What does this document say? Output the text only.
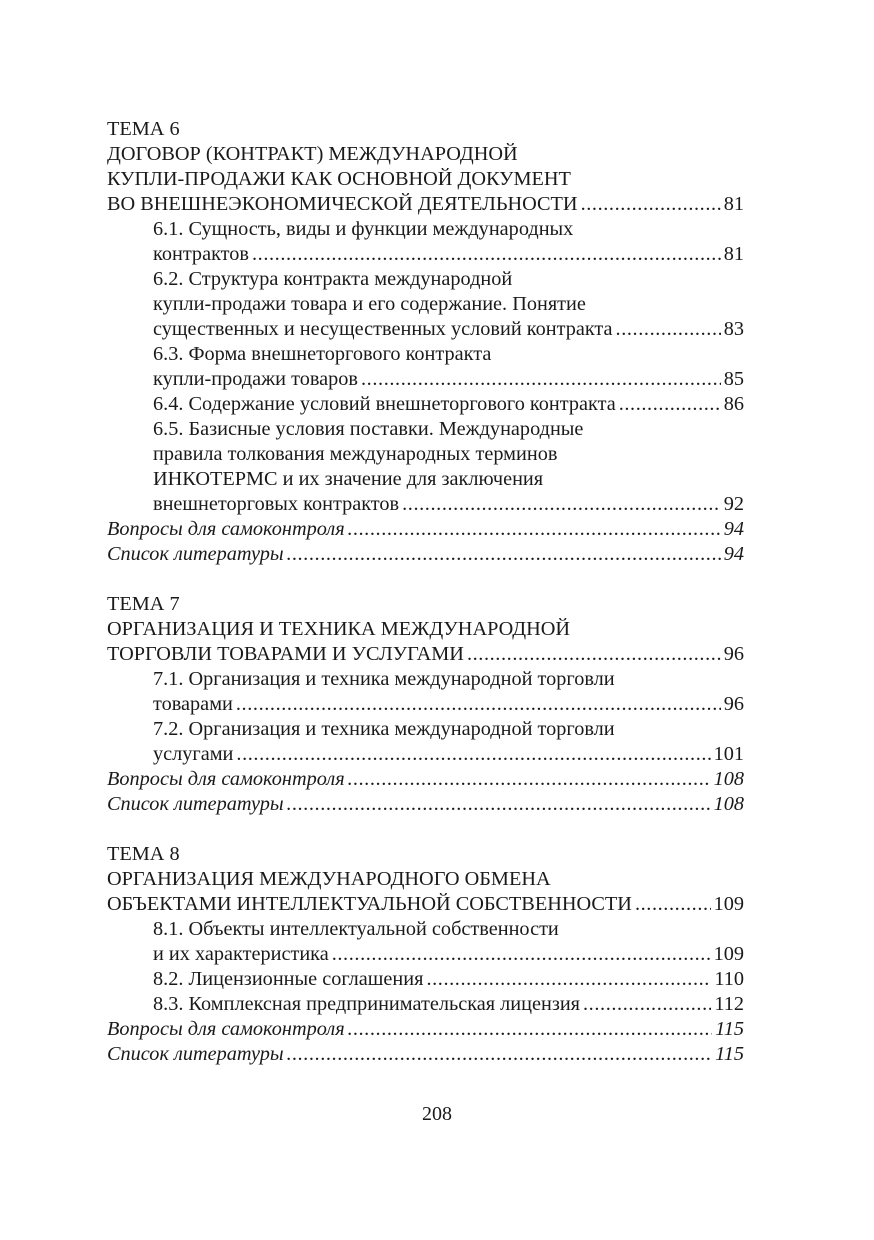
ТЕМА 6
ДОГОВОР (КОНТРАКТ) МЕЖДУНАРОДНОЙ
КУПЛИ-ПРОДАЖИ КАК ОСНОВНОЙ ДОКУМЕНТ
ВО ВНЕШНЕЭКОНОМИЧЕСКОЙ ДЕЯТЕЛЬНОСТИ .....	81
6.1. Сущность, виды и функции международных
контрактов .....	81
6.2. Структура контракта международной
купли-продажи товара и его содержание. Понятие
существенных и несущественных условий контракта .....	83
6.3. Форма внешнеторгового контракта
купли-продажи товаров .....	85
6.4. Содержание условий внешнеторгового контракта .....	86
6.5. Базисные условия поставки. Международные
правила толкования международных терминов
ИНКОТЕРМС и их значение для заключения
внешнеторговых контрактов .....	92
Вопросы для самоконтроля .....	94
Список литературы .....	94
ТЕМА 7
ОРГАНИЗАЦИЯ И ТЕХНИКА МЕЖДУНАРОДНОЙ
ТОРГОВЛИ ТОВАРАМИ И УСЛУГАМИ .....	96
7.1. Организация и техника международной торговли
товарами .....	96
7.2. Организация и техника международной торговли
услугами .....	101
Вопросы для самоконтроля .....	108
Список литературы .....	108
ТЕМА 8
ОРГАНИЗАЦИЯ МЕЖДУНАРОДНОГО ОБМЕНА
ОБЪЕКТАМИ ИНТЕЛЛЕКТУАЛЬНОЙ СОБСТВЕННОСТИ .....	109
8.1. Объекты интеллектуальной собственности
и их характеристика .....	109
8.2. Лицензионные соглашения .....	110
8.3. Комплексная предпринимательская лицензия .....	112
Вопросы для самоконтроля .....	115
Список литературы .....	115
208
